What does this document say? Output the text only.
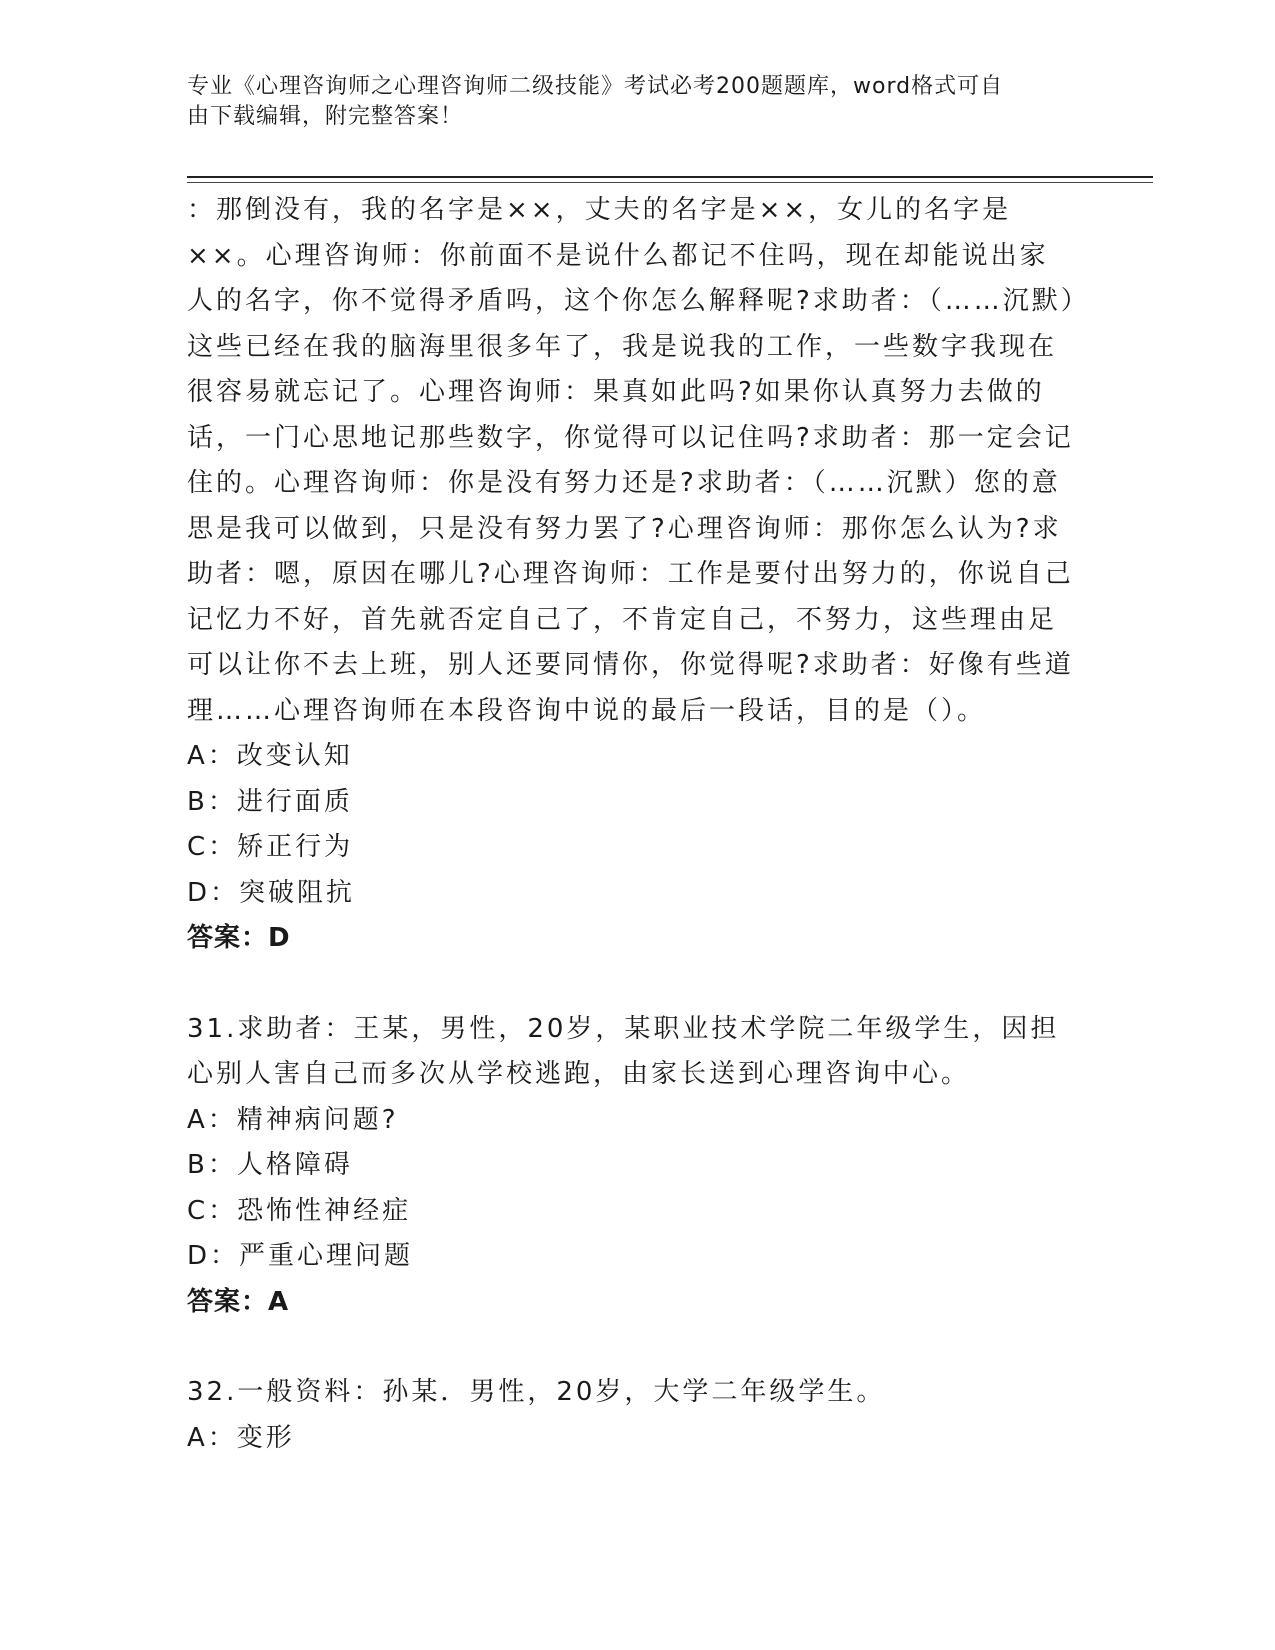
专业《心理咨询师之心理咨询师二级技能》考试必考200题题库，word格式可自
由下载编辑，附完整答案！

：那倒没有，我的名字是××，丈夫的名字是××，女儿的名字是××。心理咨询师：你前面不是说什么都记不住吗，现在却能说出家人的名字，你不觉得矛盾吗，这个你怎么解释呢?求助者：（……沉默）这些已经在我的脑海里很多年了，我是说我的工作，一些数字我现在很容易就忘记了。心理咨询师：果真如此吗?如果你认真努力去做的话，一门心思地记那些数字，你觉得可以记住吗?求助者：那一定会记住的。心理咨询师：你是没有努力还是?求助者：（……沉默）您的意思是我可以做到，只是没有努力罢了?心理咨询师：那你怎么认为?求助者：嗯，原因在哪儿?心理咨询师：工作是要付出努力的，你说自己记忆力不好，首先就否定自己了，不肯定自己，不努力，这些理由足可以让你不去上班，别人还要同情你，你觉得呢?求助者：好像有些道理……心理咨询师在本段咨询中说的最后一段话，目的是（）。

A：改变认知

B：进行面质

C：矫正行为

D：突破阻抗

答案：D

31.求助者：王某，男性，20岁，某职业技术学院二年级学生，因担心别人害自己而多次从学校逃跑，由家长送到心理咨询中心。

A：精神病问题?

B：人格障碍

C：恐怖性神经症

D：严重心理问题

答案：A

32.一般资料：孙某．男性，20岁，大学二年级学生。

A：变形
